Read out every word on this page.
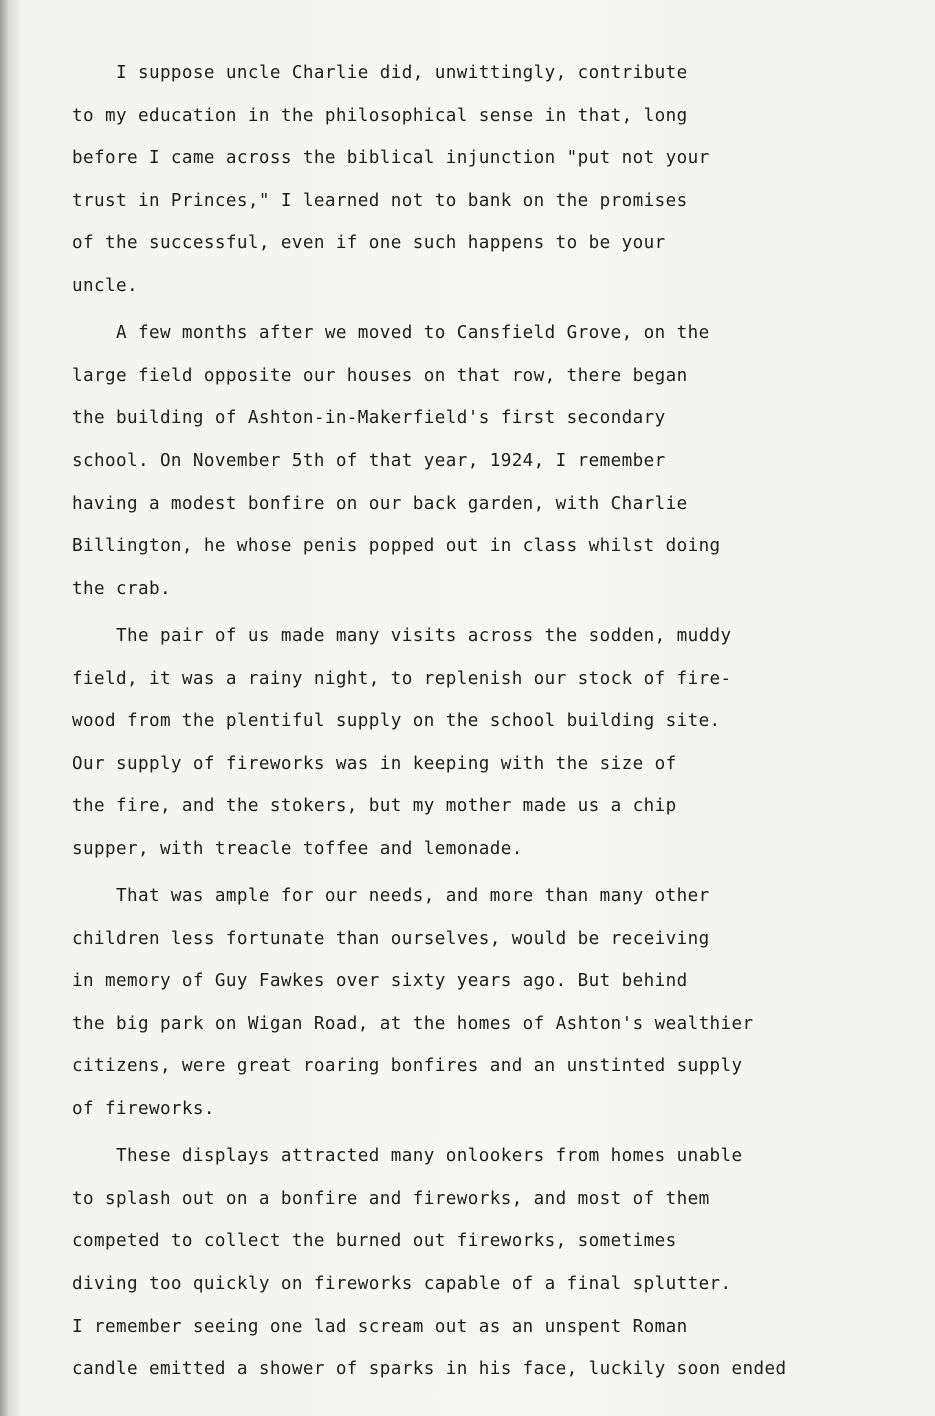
I suppose uncle Charlie did, unwittingly, contribute
to my education in the philosophical sense in that, long
before I came across the biblical injunction "put not your
trust in Princes," I learned not to bank on the promises
of the successful, even if one such happens to be your
uncle.
A few months after we moved to Cansfield Grove, on the
large field opposite our houses on that row, there began
the building of Ashton-in-Makerfield's first secondary
school. On November 5th of that year, 1924, I remember
having a modest bonfire on our back garden, with Charlie
Billington, he whose penis popped out in class whilst doing
the crab.
The pair of us made many visits across the sodden, muddy
field, it was a rainy night, to replenish our stock of fire-
wood from the plentiful supply on the school building site.
Our supply of fireworks was in keeping with the size of
the fire, and the stokers, but my mother made us a chip
supper, with treacle toffee and lemonade.
That was ample for our needs, and more than many other
children less fortunate than ourselves, would be receiving
in memory of Guy Fawkes over sixty years ago. But behind
the big park on Wigan Road, at the homes of Ashton's wealthier
citizens, were great roaring bonfires and an unstinted supply
of fireworks.
These displays attracted many onlookers from homes unable
to splash out on a bonfire and fireworks, and most of them
competed to collect the burned out fireworks, sometimes
diving too quickly on fireworks capable of a final splutter.
I remember seeing one lad scream out as an unspent Roman
candle emitted a shower of sparks in his face, luckily soon ended
